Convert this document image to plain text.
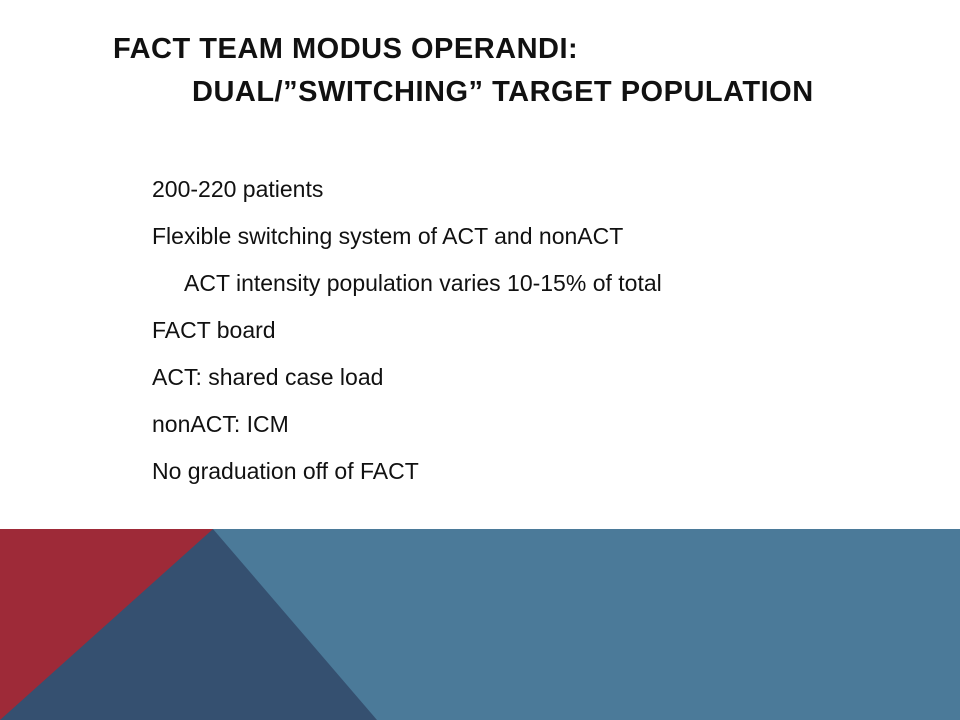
FACT TEAM MODUS OPERANDI:
DUAL/”SWITCHING” TARGET POPULATION
200-220 patients
Flexible switching system of ACT and nonACT
ACT intensity population varies 10-15% of total
FACT board
ACT: shared case load
nonACT: ICM
No graduation off of FACT
